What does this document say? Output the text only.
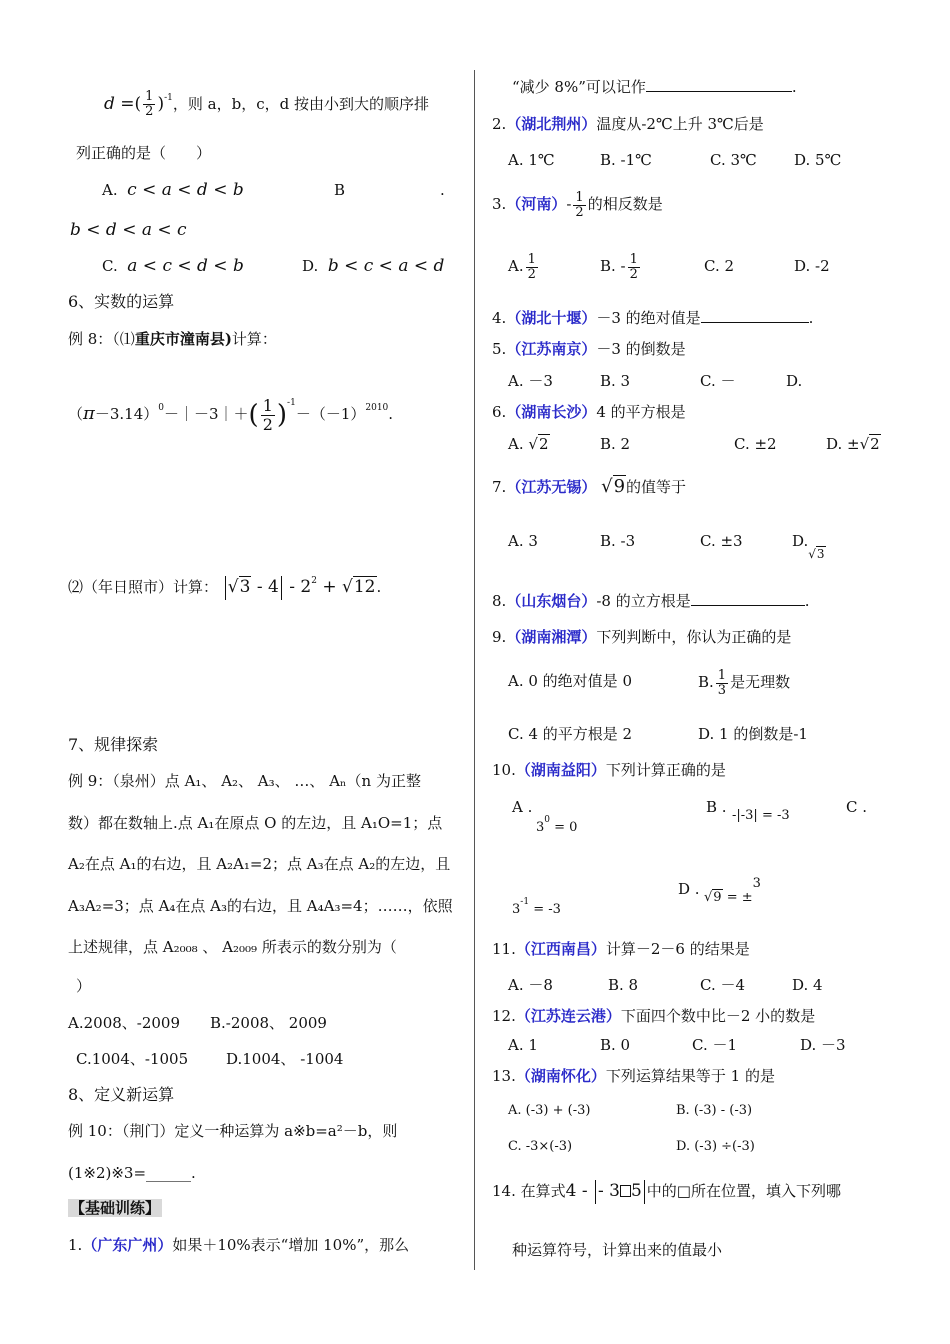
d =( $\frac{1}{2} )^{-1}$，则 a，b，c，d 按由小到大的顺序排
列正确的是（　　）
A. c < a < d < b	B	.
b < d < a < c
C. a < c < d < b	D. b < c < a < d
6、实数的运算
例 8：（⑴重庆市潼南县)计算：
$(\pi-3.14)^0-|-3|+( \frac{1}{2} )^{-1}-(-1)^{2010}$.
⑵（年日照市）计算： $√3 - 4 - 2^2 + √12$.
7、规律探索
例 9：（泉州）点 A₁、 A₂、 A₃、 …、 Aₙ（n 为正整
数）都在数轴上.点 A₁在原点 O 的左边，且 A₁O=1；点
A₂在点 A₁的右边，且 A₂A₁=2；点 A₃在点 A₂的左边，且
A₃A₂=3；点 A₄在点 A₃的右边，且 A₄A₃=4；……，依照
上述规律，点 A₂₀₀₈ 、 A₂₀₀₉ 所表示的数分别为（
）
A.2008、-2009 B.-2008、 2009
C.1004、-1005	D.1004、 -1004
8、定义新运算
例 10：（荆门）定义一种运算为 a※b=a²－b，则
(1※2)※3=______.
【基础训练】
1.（广东广州）如果＋10%表示“增加 10%”，那么
“减少 8%”可以记作	.
2.（湖北荆州）温度从-2℃上升 3℃后是
A. 1℃	B. -1℃	C. 3℃ D. 5℃
3.（河南）- $\frac{1}{2}$ 的相反数是
A. $\frac{1}{2}$	B. - $\frac{1}{2}$	C. 2	D. -2
4.（湖北十堰）－3 的绝对值是	.
5.（江苏南京）－3 的倒数是
A. －3	B. 3	C. －	D.
6.（湖南长沙）4 的平方根是
A. √2	B. 2	C. ±2	D. ±√2
7.（江苏无锡） √9的值等于
A. 3	B. -3	C. ±3	$D._{√3}$
8.（山东烟台）-8 的立方根是	.
9.（湖南湘潭）下列判断中，你认为正确的是
A. 0 的绝对值是 0	B. $\frac{1}{3}$ 是无理数
C. 4 的平方根是 2	D. 1 的倒数是-1
10.（湖南益阳）下列计算正确的是
A .
$3^0 = 0$
B . -|-3| = -3	C .
$3^{-1} = -3$
D . √9 = ±3
11.（江西南昌）计算－2－6 的结果是
A. －8	B. 8	C. －4	D. 4
12.（江苏连云港）下面四个数中比－2 小的数是
A. 1	B. 0	C. －1	D. －3
13.（湖南怀化）下列运算结果等于 1 的是
A. (-3) + (-3)	B. (-3) - (-3)
C. -3×(-3)	D. (-3) ÷(-3)
14. 在算式4 - - 3 5 中的□所在位置，填入下列哪
种运算符号，计算出来的值最小
